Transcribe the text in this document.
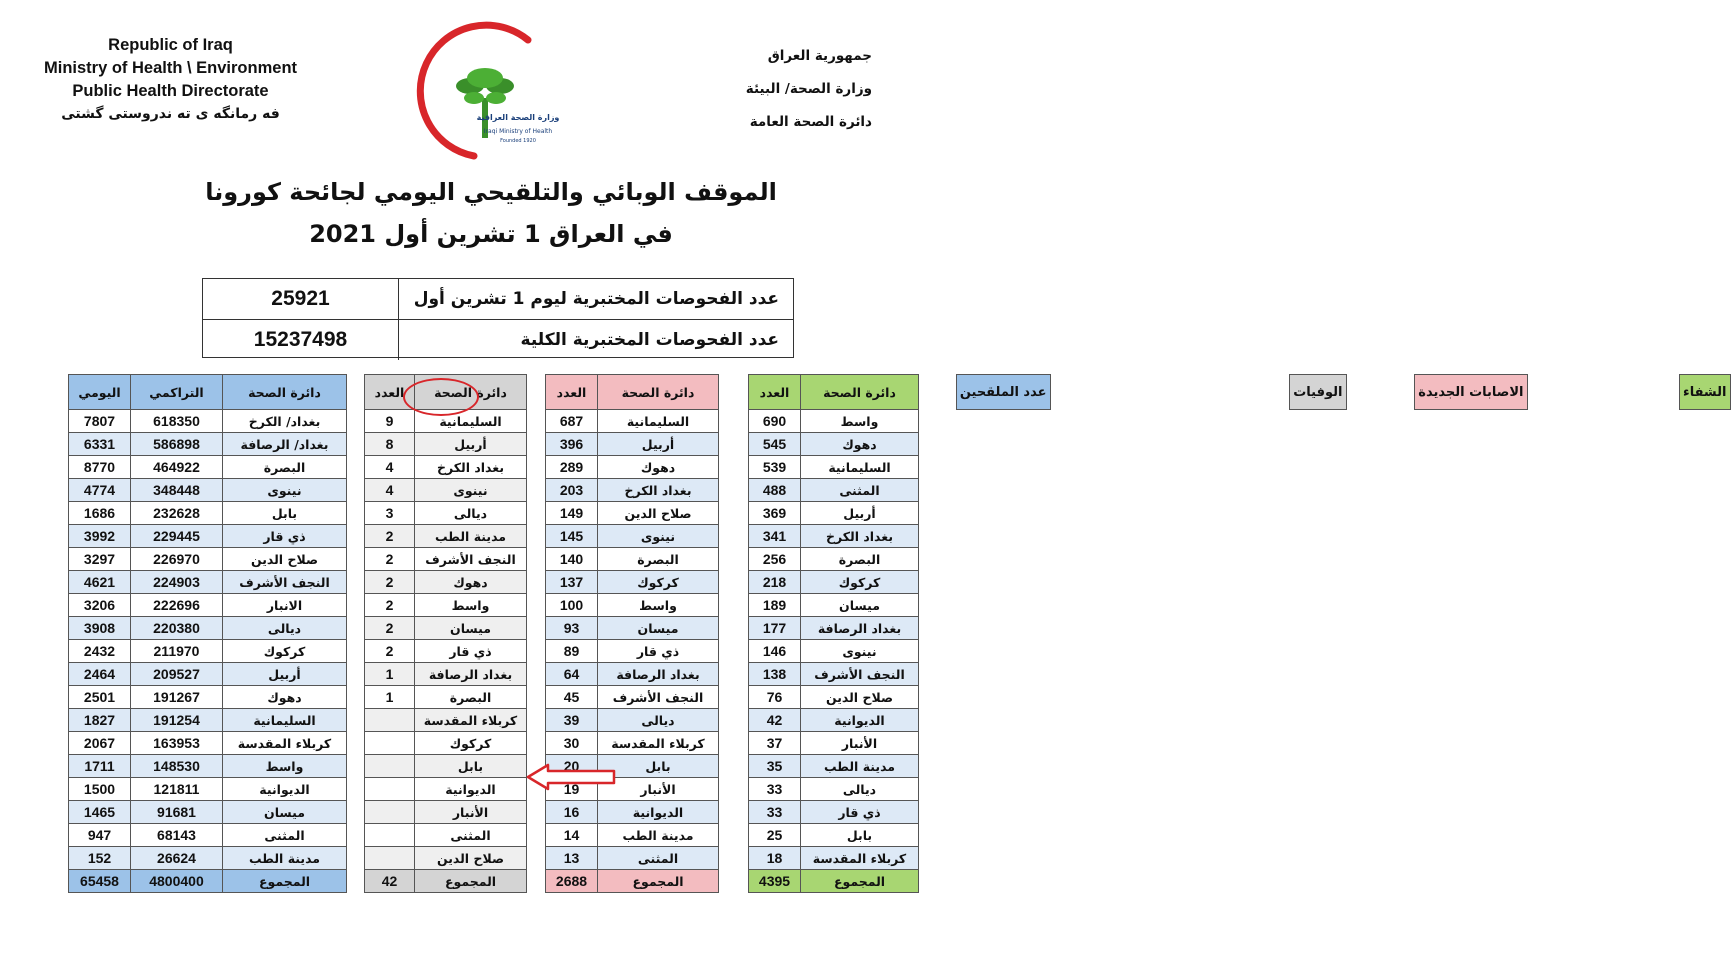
Republic of Iraq
Ministry of Health \ Environment
Public Health Directorate
فه رمانگه ی ته ندروستی گشتی
جمهورية العراق
وزارة الصحة/ البيئة
دائرة الصحة العامة
وزارة الصحة العراقية
Iraqi Ministry of Health
Founded 1920
الموقف الوبائي والتلقيحي اليومي لجائحة كورونا
في العراق 1 تشرين أول 2021
عدد الفحوصات المختبرية ليوم 1 تشرين أول
25921
عدد الفحوصات المختبرية الكلية
15237498
عدد الملقحين
اليومي	التراكمي	دائرة الصحة
7807	618350	بغداد/ الكرخ
6331	586898	بغداد/ الرصافة
8770	464922	البصرة
4774	348448	نينوى
1686	232628	بابل
3992	229445	ذي قار
3297	226970	صلاح الدين
4621	224903	النجف الأشرف
3206	222696	الانبار
3908	220380	ديالى
2432	211970	كركوك
2464	209527	أربيل
2501	191267	دهوك
1827	191254	السليمانية
2067	163953	كربلاء المقدسة
1711	148530	واسط
1500	121811	الديوانية
1465	91681	ميسان
947	68143	المثنى
152	26624	مدينة الطب
65458	4800400	المجموع
الوفيات
العدد	دائرة الصحة
9	السليمانية
8	أربيل
4	بغداد الكرخ
4	نينوى
3	ديالى
2	مدينة الطب
2	النجف الأشرف
2	دهوك
2	واسط
2	ميسان
2	ذي قار
1	بغداد الرصافة
1	البصرة
	كربلاء المقدسة
	كركوك
	بابل
	الديوانية
	الأنبار
	المثنى
	صلاح الدين
42	المجموع
الاصابات الجديدة
العدد	دائرة الصحة
687	السليمانية
396	أربيل
289	دهوك
203	بغداد الكرخ
149	صلاح الدين
145	نينوى
140	البصرة
137	كركوك
100	واسط
93	ميسان
89	ذي قار
64	بغداد الرصافة
45	النجف الأشرف
39	ديالى
30	كربلاء المقدسة
20	بابل
19	الأنبار
16	الديوانية
14	مدينة الطب
13	المثنى
2688	المجموع
الشفاء
العدد	دائرة الصحة
690	واسط
545	دهوك
539	السليمانية
488	المثنى
369	أربيل
341	بغداد الكرخ
256	البصرة
218	كركوك
189	ميسان
177	بغداد الرصافة
146	نينوى
138	النجف الأشرف
76	صلاح الدين
42	الديوانية
37	الأنبار
35	مدينة الطب
33	ديالى
33	ذي قار
25	بابل
18	كربلاء المقدسة
4395	المجموع
